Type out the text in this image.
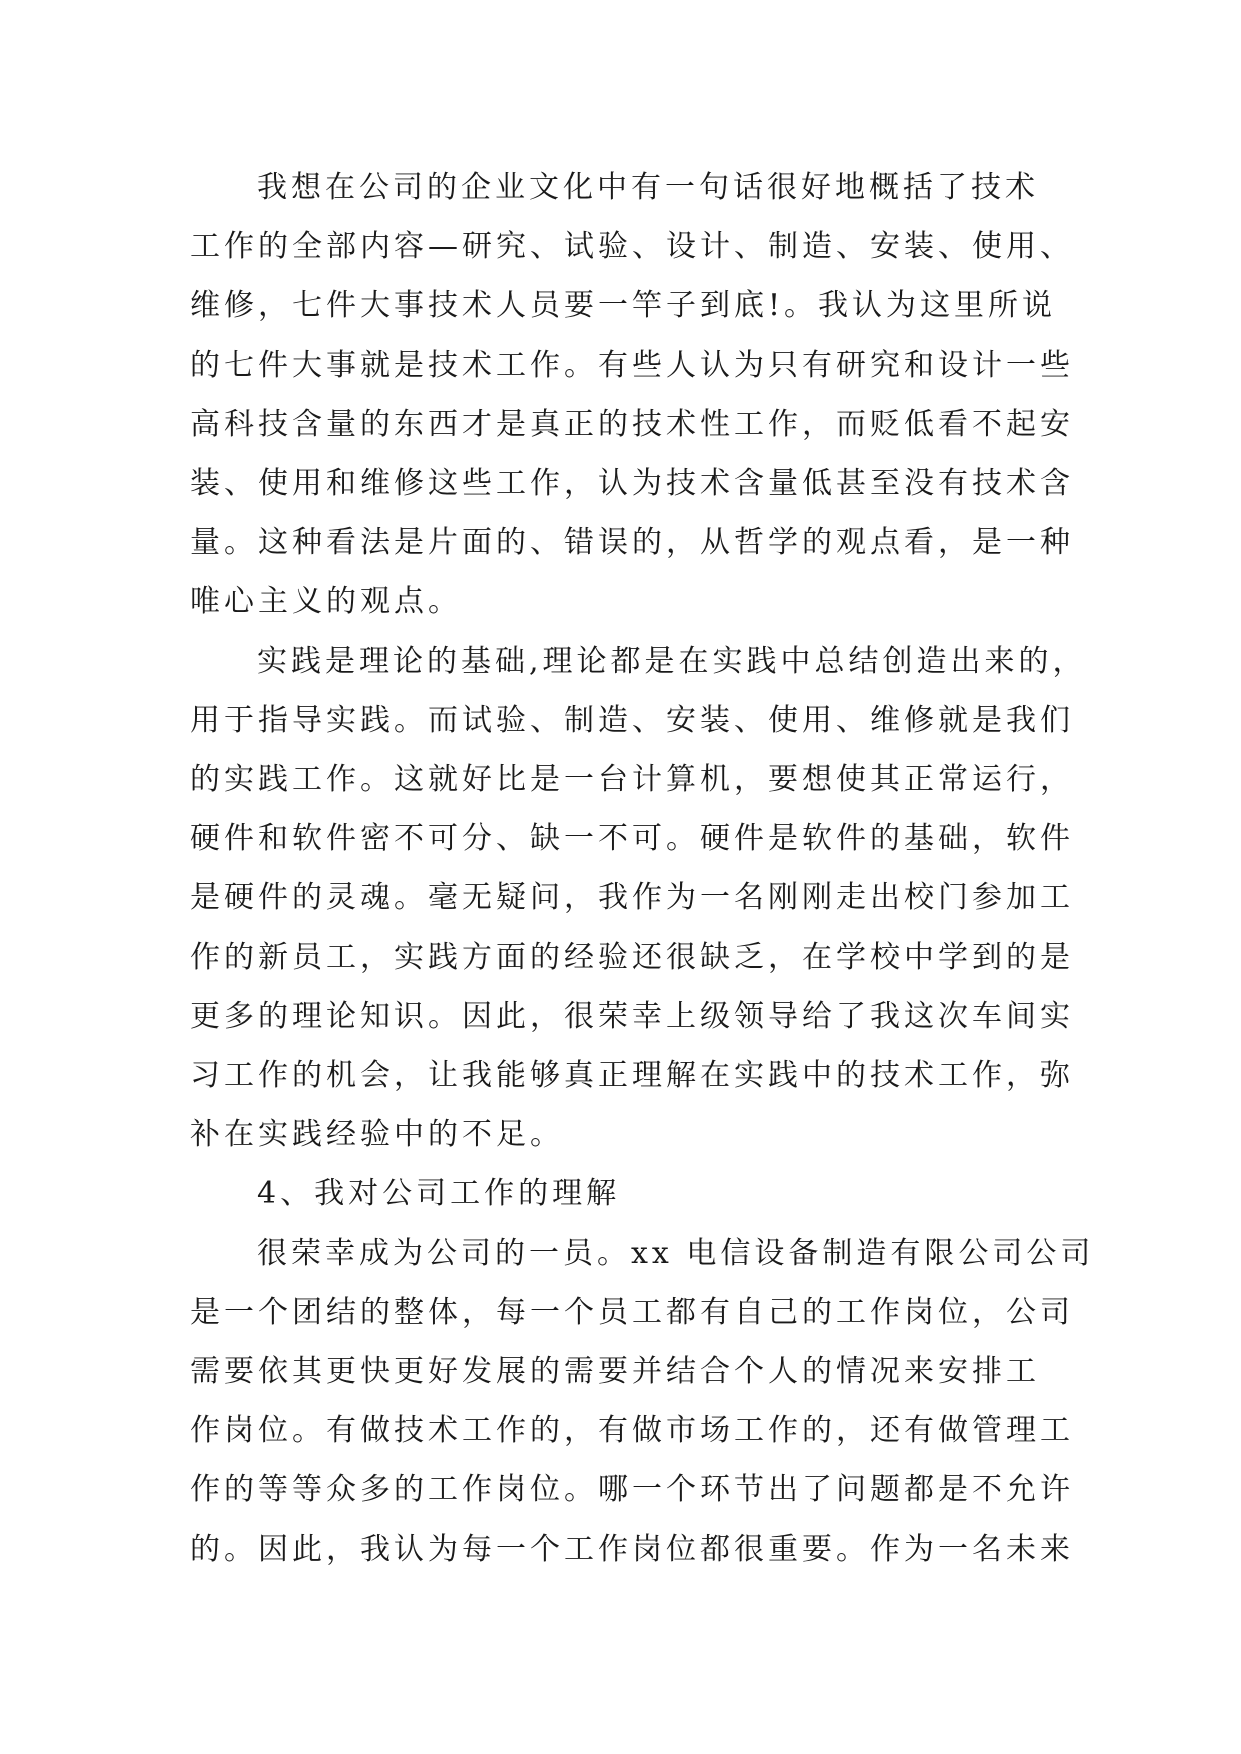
我想在公司的企业文化中有一句话很好地概括了技术
工作的全部内容—研究、试验、设计、制造、安装、使用、
维修，七件大事技术人员要一竿子到底!。我认为这里所说
的七件大事就是技术工作。有些人认为只有研究和设计一些
高科技含量的东西才是真正的技术性工作，而贬低看不起安
装、使用和维修这些工作，认为技术含量低甚至没有技术含
量。这种看法是片面的、错误的，从哲学的观点看，是一种
唯心主义的观点。
实践是理论的基础,理论都是在实践中总结创造出来的，
用于指导实践。而试验、制造、安装、使用、维修就是我们
的实践工作。这就好比是一台计算机，要想使其正常运行，
硬件和软件密不可分、缺一不可。硬件是软件的基础，软件
是硬件的灵魂。毫无疑问，我作为一名刚刚走出校门参加工
作的新员工，实践方面的经验还很缺乏，在学校中学到的是
更多的理论知识。因此，很荣幸上级领导给了我这次车间实
习工作的机会，让我能够真正理解在实践中的技术工作，弥
补在实践经验中的不足。
4、我对公司工作的理解
很荣幸成为公司的一员。xx 电信设备制造有限公司公司
是一个团结的整体，每一个员工都有自己的工作岗位，公司
需要依其更快更好发展的需要并结合个人的情况来安排工
作岗位。有做技术工作的，有做市场工作的，还有做管理工
作的等等众多的工作岗位。哪一个环节出了问题都是不允许
的。因此，我认为每一个工作岗位都很重要。作为一名未来
